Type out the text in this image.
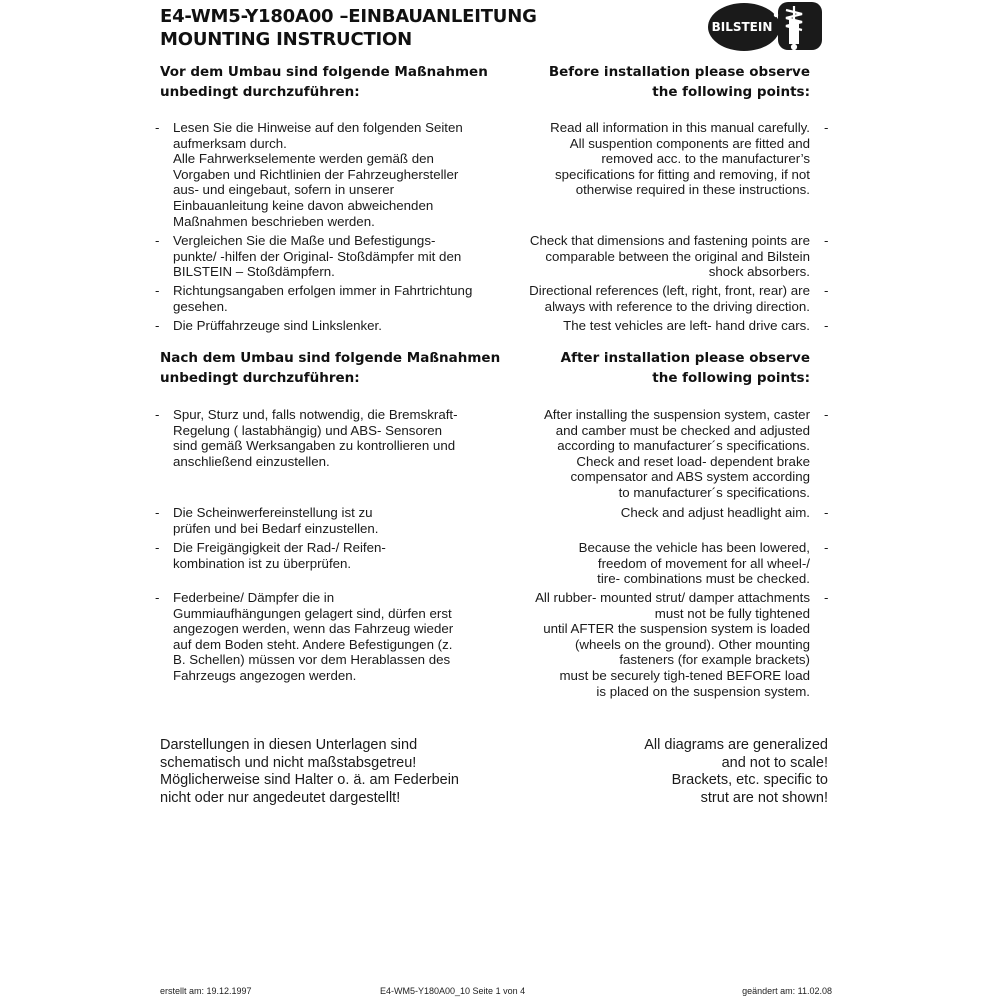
E4-WM5-Y180A00 –EINBAUANLEITUNG
MOUNTING INSTRUCTION
BILSTEIN
Vor dem Umbau sind folgende Maßnahmen
unbedingt durchzuführen:
Before installation please observe
the following points:
- Lesen Sie die Hinweise auf den folgenden Seiten
aufmerksam durch.
Alle Fahrwerkselemente werden gemäß den
Vorgaben und Richtlinien der Fahrzeughersteller
aus- und eingebaut, sofern in unserer
Einbauanleitung keine davon abweichenden
Maßnahmen beschrieben werden.
Read all information in this manual carefully.
All suspention components are fitted and
removed acc. to the manufacturer’s
specifications for fitting and removing, if not
otherwise required in these instructions.
-
- Vergleichen Sie die Maße und Befestigungs-
punkte/ -hilfen der Original- Stoßdämpfer mit den
BILSTEIN – Stoßdämpfern.
Check that dimensions and fastening points are
comparable between the original and Bilstein
shock absorbers.
-
- Richtungsangaben erfolgen immer in Fahrtrichtung
gesehen.
Directional references (left, right, front, rear) are
always with reference to the driving direction.
-
- Die Prüffahrzeuge sind Linkslenker.	The test vehicles are left- hand drive cars. -
Nach dem Umbau sind folgende Maßnahmen
unbedingt durchzuführen:
After installation please observe
the following points:
- Spur, Sturz und, falls notwendig, die Bremskraft-
Regelung ( lastabhängig) und ABS- Sensoren
sind gemäß Werksangaben zu kontrollieren und
anschließend einzustellen.
After installing the suspension system, caster
and camber must be checked and adjusted
according to manufacturer´s specifications.
Check and reset load- dependent brake
compensator and ABS system according
to manufacturer´s specifications.
-
- Die Scheinwerfereinstellung ist zu
prüfen und bei Bedarf einzustellen.
Check and adjust headlight aim. -
- Die Freigängigkeit der Rad-/ Reifen-
kombination ist zu überprüfen.
Because the vehicle has been lowered,
freedom of movement for all wheel-/
tire- combinations must be checked.
-
- Federbeine/ Dämpfer die in
Gummiaufhängungen gelagert sind, dürfen erst
angezogen werden, wenn das Fahrzeug wieder
auf dem Boden steht. Andere Befestigungen (z.
B. Schellen) müssen vor dem Herablassen des
Fahrzeugs angezogen werden.
All rubber- mounted strut/ damper attachments
must not be fully tightened
until AFTER the suspension system is loaded
(wheels on the ground). Other mounting
fasteners (for example brackets)
must be securely tigh-tened BEFORE load
is placed on the suspension system.
-
Darstellungen in diesen Unterlagen sind
schematisch und nicht maßstabsgetreu!
Möglicherweise sind Halter o. ä. am Federbein
nicht oder nur angedeutet dargestellt!
All diagrams are generalized
and not to scale!
Brackets, etc. specific to
strut are not shown!
erstellt am: 19.12.1997	E4-WM5-Y180A00_10 Seite 1 von 4	geändert am: 11.02.08
